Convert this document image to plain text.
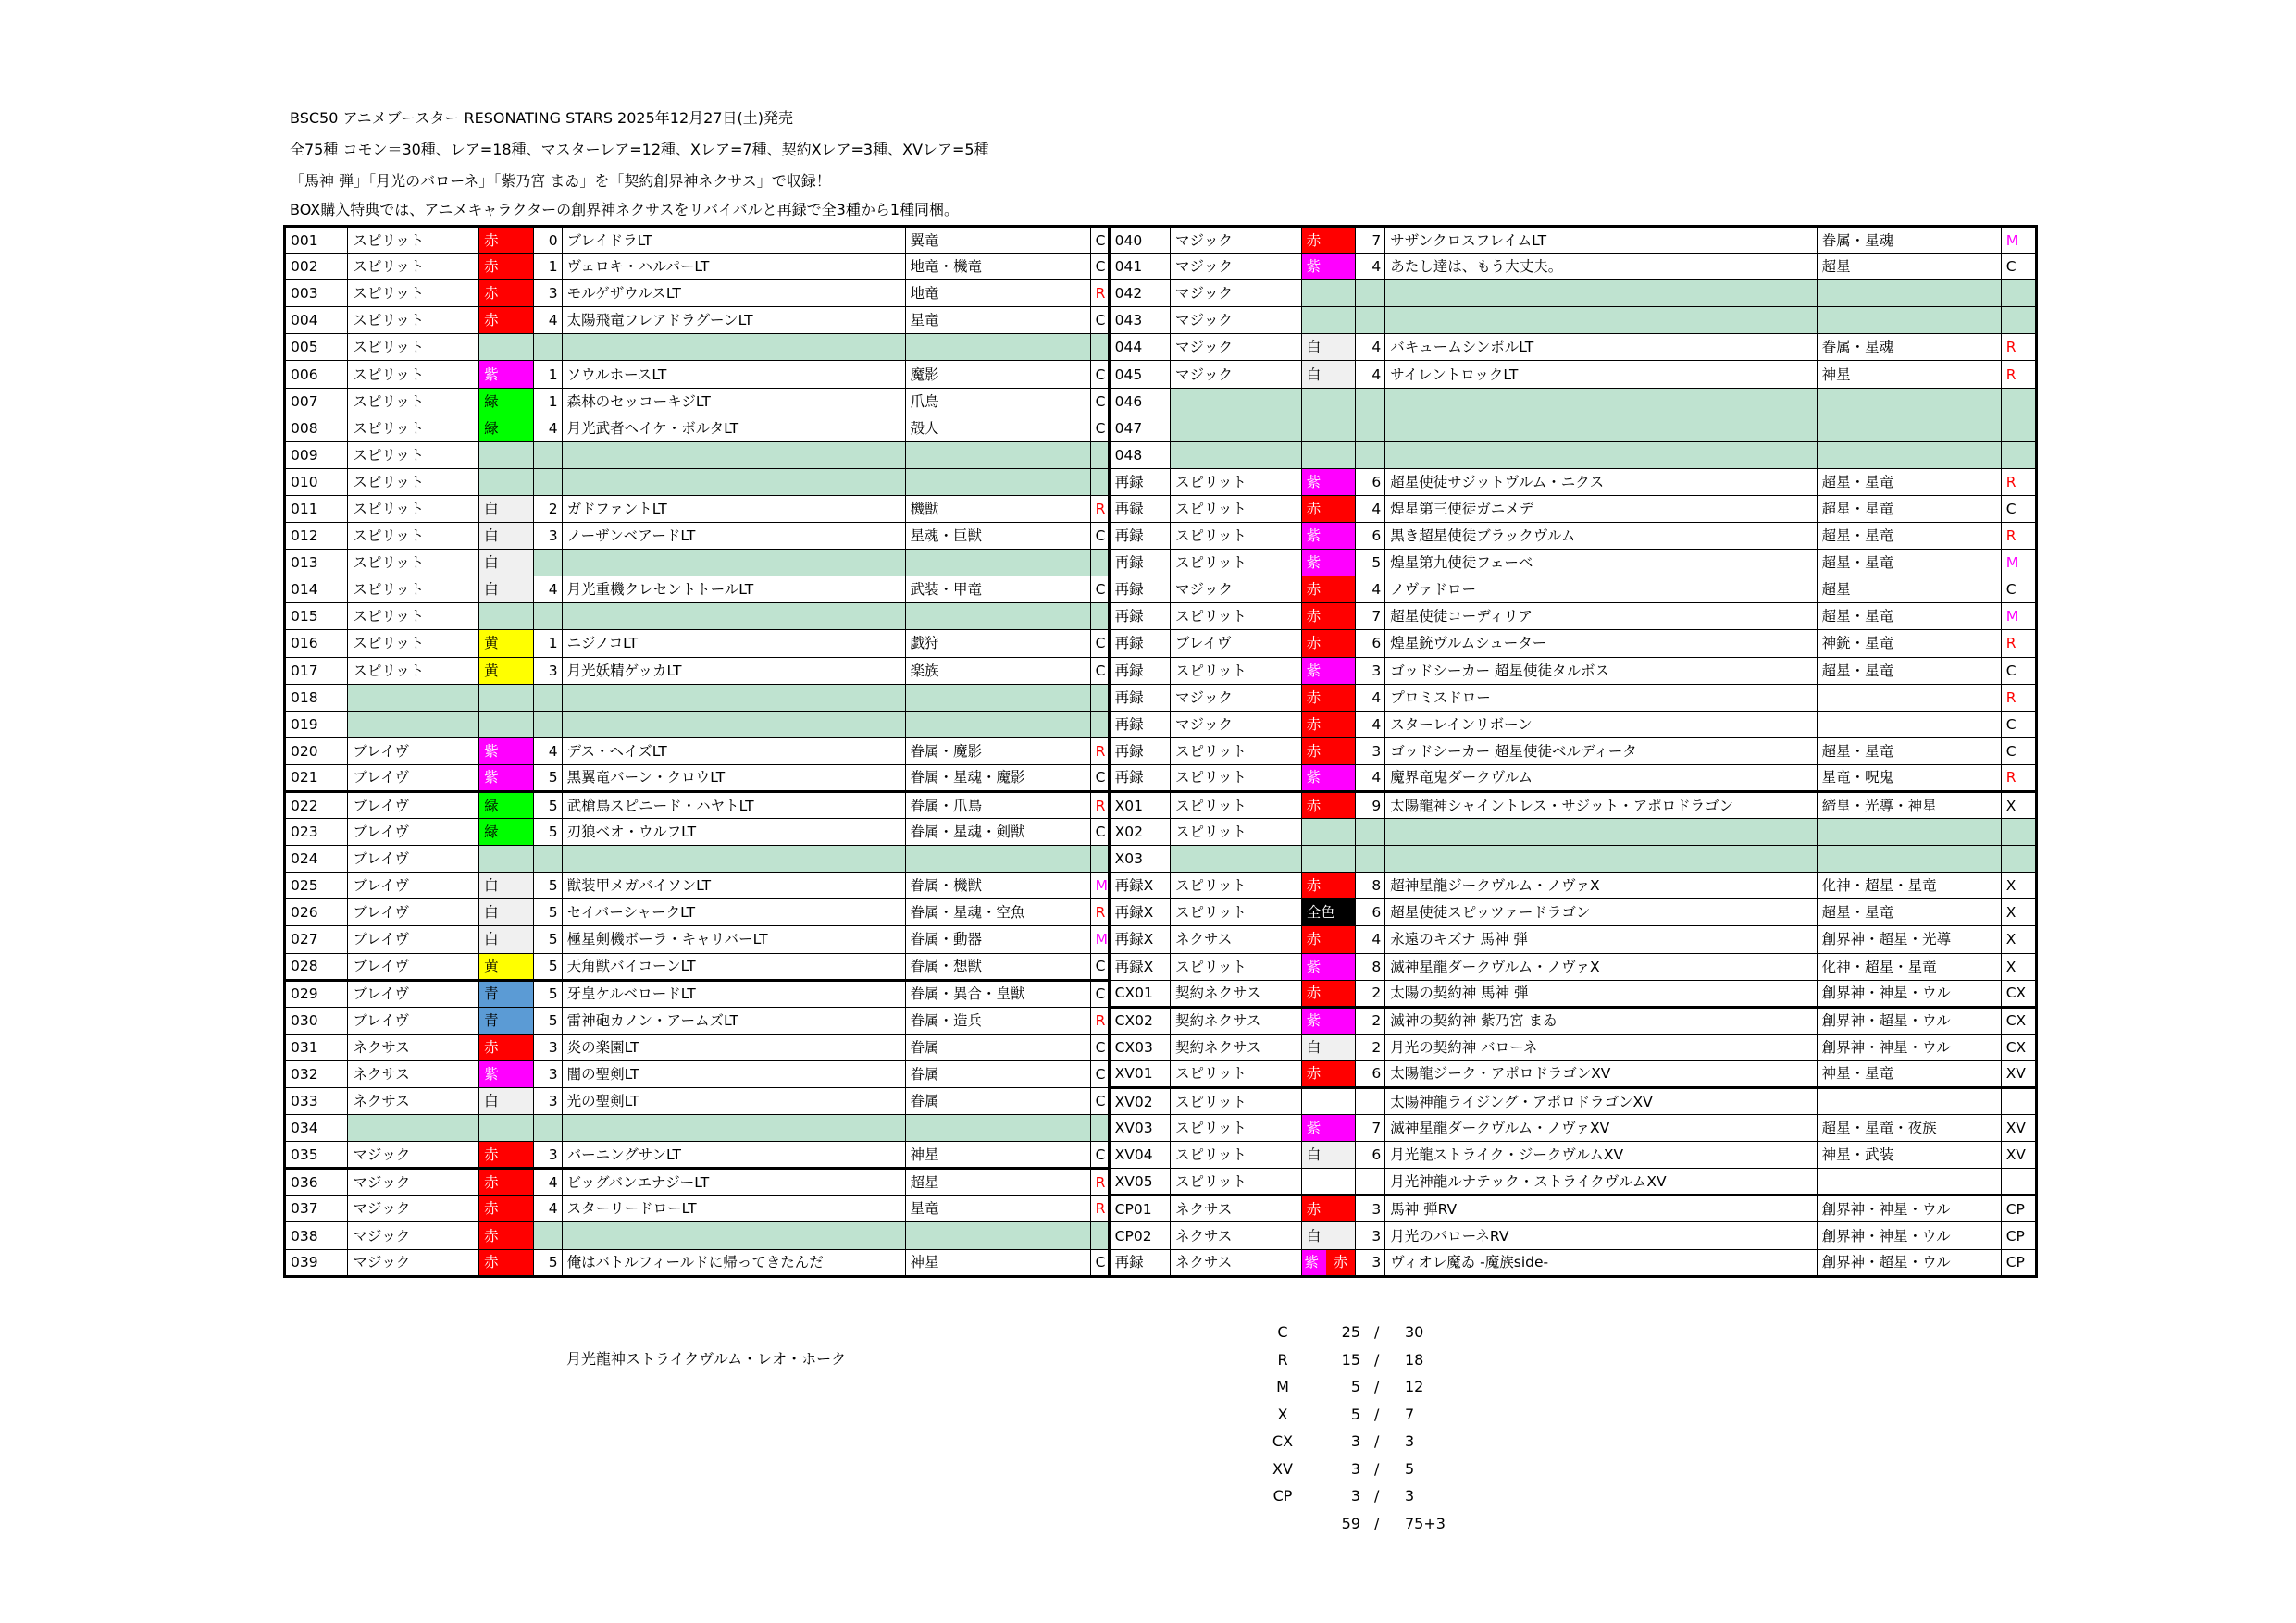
BSC50 アニメブースター RESONATING STARS 2025年12月27日(土)発売
全75種 コモン＝30種、レア=18種、マスターレア=12種、Xレア=7種、契約Xレア=3種、XVレア=5種
「馬神 弾」「月光のバローネ」「紫乃宮 まゐ」を「契約創界神ネクサス」で収録！
BOX購入特典では、アニメキャラクターの創界神ネクサスをリバイバルと再録で全3種から1種同梱。
001	スピリット	赤	0	ブレイドラLT	翼竜	C	040	マジック	赤	7	サザンクロスフレイムLT	眷属・星魂	M
002	スピリット	赤	1	ヴェロキ・ハルパーLT	地竜・機竜	C	041	マジック	紫	4	あたし達は、もう大丈夫。	超星	C
003	スピリット	赤	3	モルゲザウルスLT	地竜	R	042	マジック					
004	スピリット	赤	4	太陽飛竜フレアドラグーンLT	星竜	C	043	マジック					
005	スピリット						044	マジック	白	4	バキュームシンボルLT	眷属・星魂	R
006	スピリット	紫	1	ソウルホースLT	魔影	C	045	マジック	白	4	サイレントロックLT	神星	R
007	スピリット	緑	1	森林のセッコーキジLT	爪鳥	C	046						
008	スピリット	緑	4	月光武者ヘイケ・ボルタLT	殻人	C	047						
009	スピリット						048						
010	スピリット						再録	スピリット	紫	6	超星使徒サジットヴルム・ニクス	超星・星竜	R
011	スピリット	白	2	ガドファントLT	機獣	R	再録	スピリット	赤	4	煌星第三使徒ガニメデ	超星・星竜	C
012	スピリット	白	3	ノーザンベアードLT	星魂・巨獣	C	再録	スピリット	紫	6	黒き超星使徒ブラックヴルム	超星・星竜	R
013	スピリット	白					再録	スピリット	紫	5	煌星第九使徒フェーベ	超星・星竜	M
014	スピリット	白	4	月光重機クレセントトールLT	武装・甲竜	C	再録	マジック	赤	4	ノヴァドロー	超星	C
015	スピリット						再録	スピリット	赤	7	超星使徒コーディリア	超星・星竜	M
016	スピリット	黄	1	ニジノコLT	戯狩	C	再録	ブレイヴ	赤	6	煌星銃ヴルムシューター	神銃・星竜	R
017	スピリット	黄	3	月光妖精ゲッカLT	楽族	C	再録	スピリット	紫	3	ゴッドシーカー 超星使徒タルボス	超星・星竜	C
018							再録	マジック	赤	4	プロミスドロー		R
019							再録	マジック	赤	4	スターレインリボーン		C
020	ブレイヴ	紫	4	デス・ヘイズLT	眷属・魔影	R	再録	スピリット	赤	3	ゴッドシーカー 超星使徒ベルディータ	超星・星竜	C
021	ブレイヴ	紫	5	黒翼竜バーン・クロウLT	眷属・星魂・魔影	C	再録	スピリット	紫	4	魔界竜鬼ダークヴルム	星竜・呪鬼	R
022	ブレイヴ	緑	5	武槍鳥スピニード・ハヤトLT	眷属・爪鳥	R	X01	スピリット	赤	9	太陽龍神シャイントレス・サジット・アポロドラゴン	締皇・光導・神星	X
023	ブレイヴ	緑	5	刃狼ベオ・ウルフLT	眷属・星魂・剣獣	C	X02	スピリット					
024	ブレイヴ						X03						
025	ブレイヴ	白	5	獣装甲メガバイソンLT	眷属・機獣	M	再録X	スピリット	赤	8	超神星龍ジークヴルム・ノヴァX	化神・超星・星竜	X
026	ブレイヴ	白	5	セイバーシャークLT	眷属・星魂・空魚	R	再録X	スピリット	全色	6	超星使徒スピッツァードラゴン	超星・星竜	X
027	ブレイヴ	白	5	極星剣機ボーラ・キャリバーLT	眷属・動器	M	再録X	ネクサス	赤	4	永遠のキズナ 馬神 弾	創界神・超星・光導	X
028	ブレイヴ	黄	5	天角獣バイコーンLT	眷属・想獣	C	再録X	スピリット	紫	8	滅神星龍ダークヴルム・ノヴァX	化神・超星・星竜	X
029	ブレイヴ	青	5	牙皇ケルベロードLT	眷属・異合・皇獣	C	CX01	契約ネクサス	赤	2	太陽の契約神 馬神 弾	創界神・神星・ウル	CX
030	ブレイヴ	青	5	雷神砲カノン・アームズLT	眷属・造兵	R	CX02	契約ネクサス	紫	2	滅神の契約神 紫乃宮 まゐ	創界神・超星・ウル	CX
031	ネクサス	赤	3	炎の楽園LT	眷属	C	CX03	契約ネクサス	白	2	月光の契約神 バローネ	創界神・神星・ウル	CX
032	ネクサス	紫	3	闇の聖剣LT	眷属	C	XV01	スピリット	赤	6	太陽龍ジーク・アポロドラゴンXV	神星・星竜	XV
033	ネクサス	白	3	光の聖剣LT	眷属	C	XV02	スピリット			太陽神龍ライジング・アポロドラゴンXV		
034							XV03	スピリット	紫	7	滅神星龍ダークヴルム・ノヴァXV	超星・星竜・夜族	XV
035	マジック	赤	3	バーニングサンLT	神星	C	XV04	スピリット	白	6	月光龍ストライク・ジークヴルムXV	神星・武装	XV
036	マジック	赤	4	ビッグバンエナジーLT	超星	R	XV05	スピリット			月光神龍ルナテック・ストライクヴルムXV		
037	マジック	赤	4	スターリードローLT	星竜	R	CP01	ネクサス	赤	3	馬神 弾RV	創界神・神星・ウル	CP
038	マジック	赤					CP02	ネクサス	白	3	月光のバローネRV	創界神・神星・ウル	CP
039	マジック	赤	5	俺はバトルフィールドに帰ってきたんだ	神星	C	再録	ネクサス	紫 赤	3	ヴィオレ魔ゐ -魔族side-	創界神・超星・ウル	CP
月光龍神ストライクヴルム・レオ・ホーク
C	25 / 30
R	15 / 18
M	5 / 12
X	5 / 7
CX	3 / 3
XV	3 / 5
CP	3 / 3
59 / 75+3
